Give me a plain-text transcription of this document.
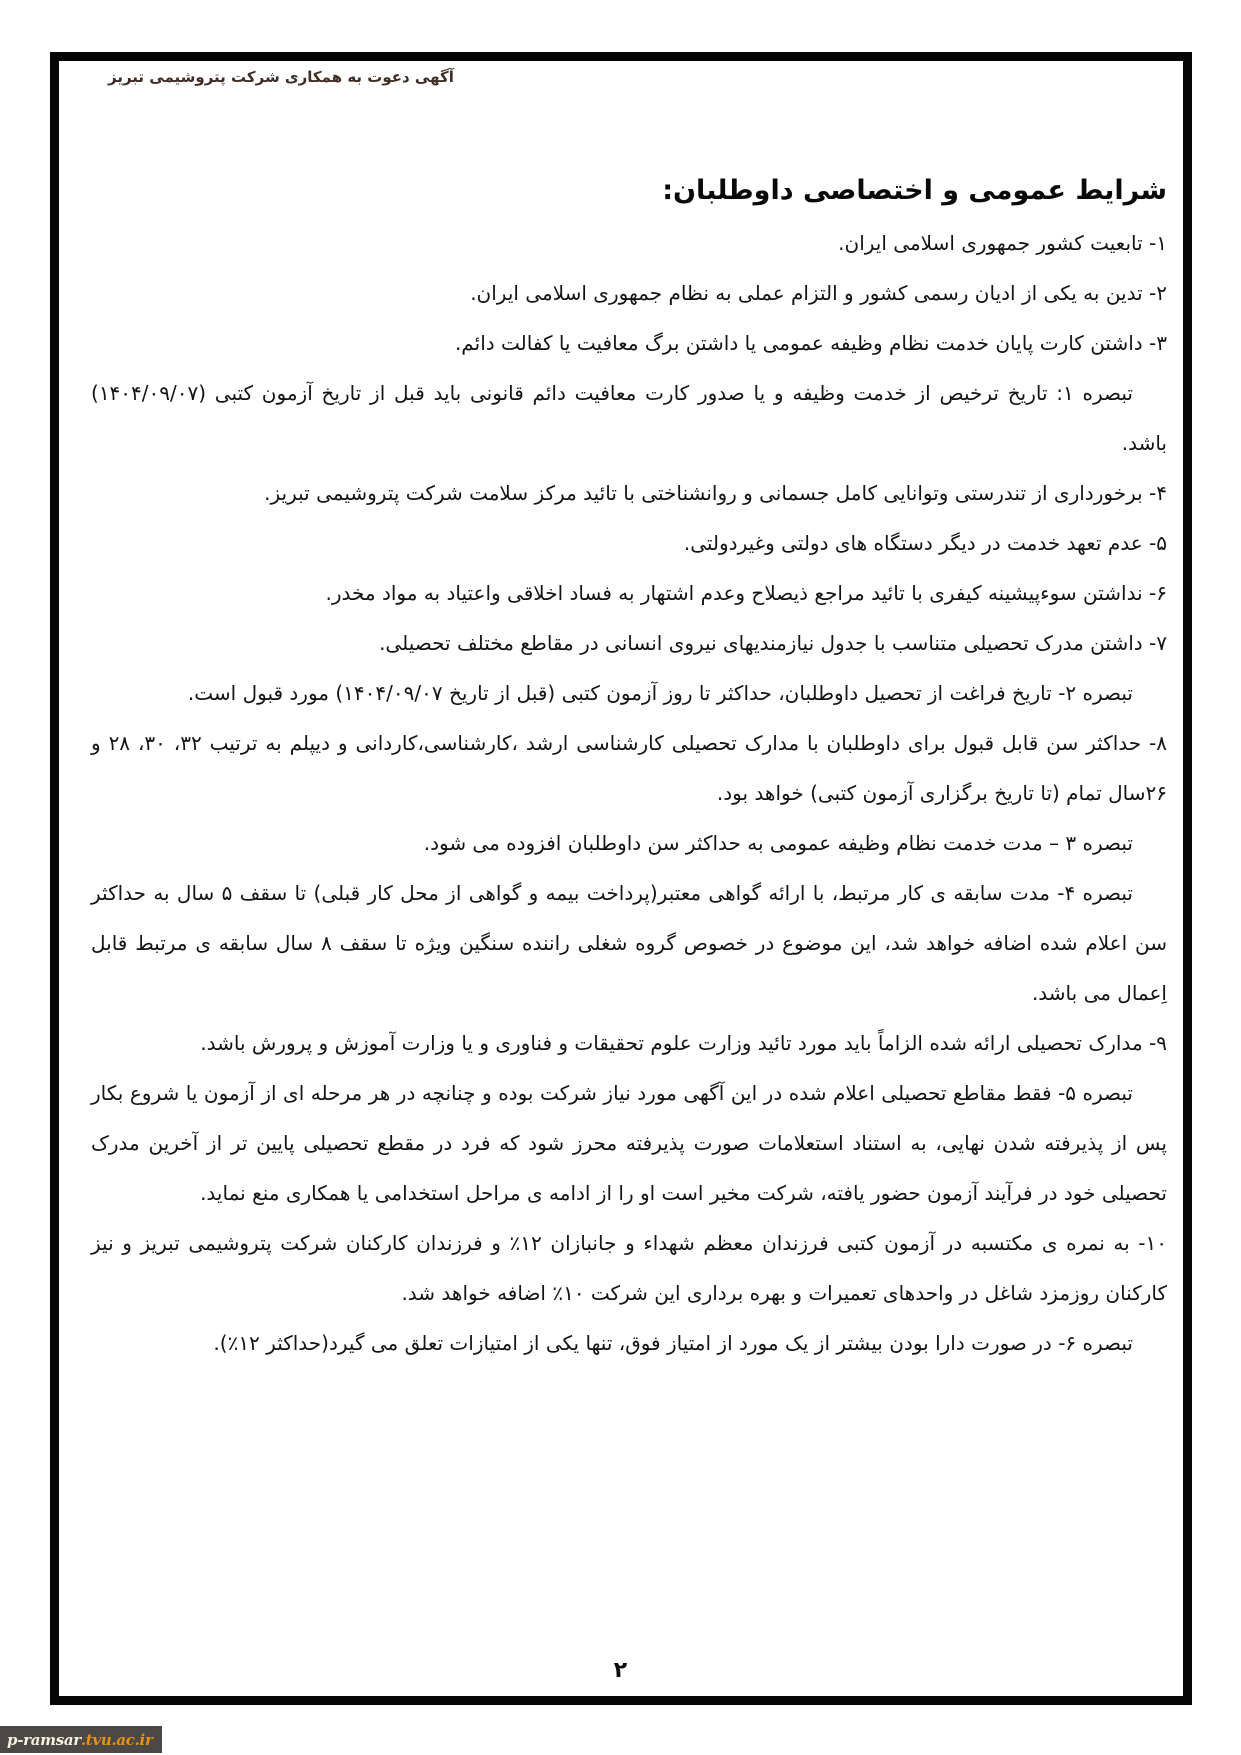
آگهی دعوت به همکاری شرکت پتروشیمی تبریز
شرایط عمومی و اختصاصی داوطلبان:

۱- تابعیت کشور جمهوری اسلامی ایران.

۲- تدین به یکی از ادیان رسمی کشور و التزام عملی به نظام جمهوری اسلامی ایران.

۳- داشتن کارت پایان خدمت نظام وظیفه عمومی یا داشتن برگ معافیت یا کفالت دائم.

تبصره ۱: تاریخ ترخیص از خدمت وظیفه و یا صدور کارت معافیت دائم قانونی باید قبل از تاریخ آزمون کتبی (۱۴۰۴/۰۹/۰۷) باشد.

۴- برخورداری از تندرستی وتوانایی کامل جسمانی و روانشناختی با تائید مرکز سلامت شرکت پتروشیمی تبریز.

۵- عدم تعهد خدمت در دیگر دستگاه های دولتی وغیردولتی.

۶- نداشتن سوءپیشینه کیفری با تائید مراجع ذیصلاح وعدم اشتهار به فساد اخلاقی واعتیاد به مواد مخدر.

۷- داشتن مدرک تحصیلی متناسب با جدول نیازمندیهای نیروی انسانی در مقاطع مختلف تحصیلی.

تبصره ۲- تاریخ فراغت از تحصیل داوطلبان، حداکثر تا روز آزمون کتبی (قبل از تاریخ ۱۴۰۴/۰۹/۰۷) مورد قبول است.

۸- حداکثر سن قابل قبول برای داوطلبان با مدارک تحصیلی کارشناسی ارشد ،کارشناسی،کاردانی و دیپلم به ترتیب ۳۲، ۳۰، ۲۸ و ۲۶سال تمام (تا تاریخ برگزاری آزمون کتبی) خواهد بود.

تبصره ۳ – مدت خدمت نظام وظیفه عمومی به حداکثر سن داوطلبان افزوده می شود.

تبصره ۴- مدت سابقه ی کار مرتبط، با ارائه گواهی معتبر(پرداخت بیمه و گواهی از محل کار قبلی) تا سقف ۵ سال به حداکثر سن اعلام شده اضافه خواهد شد، این موضوع در خصوص گروه شغلی راننده سنگین ویژه تا سقف ۸ سال سابقه ی مرتبط قابل اِعمال می باشد.

۹- مدارک تحصیلی ارائه شده الزاماً باید مورد تائید وزارت علوم تحقیقات و فناوری و یا وزارت آموزش و پرورش باشد.

تبصره ۵- فقط مقاطع تحصیلی اعلام شده در این آگهی مورد نیاز شرکت بوده و چنانچه در هر مرحله ای از آزمون یا شروع بکار پس از پذیرفته شدن نهایی، به استناد استعلامات صورت پذیرفته محرز شود که فرد در مقطع تحصیلی پایین تر از آخرین مدرک تحصیلی خود در فرآیند آزمون حضور یافته، شرکت مخیر است او را از ادامه ی مراحل استخدامی یا همکاری منع نماید.

۱۰- به نمره ی مکتسبه در آزمون کتبی فرزندان معظم شهداء و جانبازان ۱۲٪ و فرزندان کارکنان شرکت پتروشیمی تبریز و نیز کارکنان روزمزد شاغل در واحدهای تعمیرات و بهره برداری این شرکت ۱۰٪ اضافه خواهد شد.

تبصره ۶- در صورت دارا بودن بیشتر از یک مورد از امتیاز فوق، تنها یکی از امتیازات تعلق می گیرد(حداکثر ۱۲٪).

۲
p-ramsar .tvu.ac.ir
